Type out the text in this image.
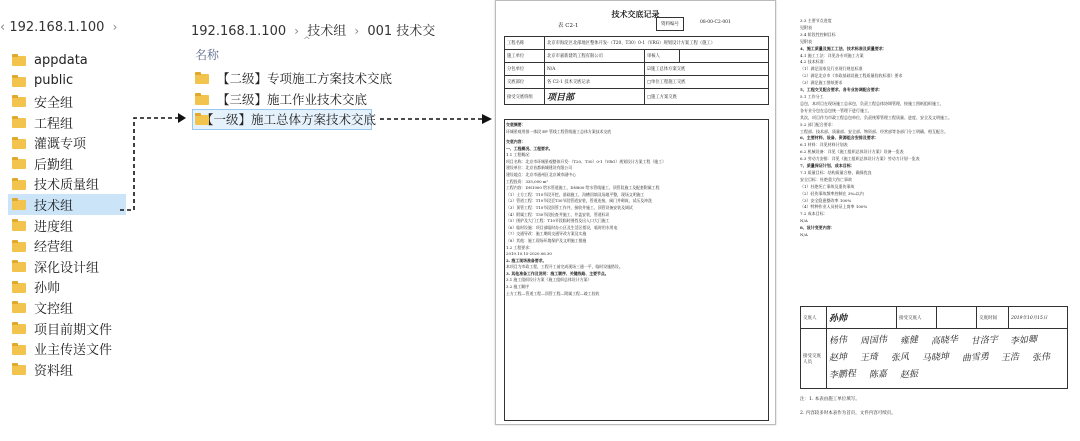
‹ 192.168.1.100 ›
appdata
public
安全组
工程组
灌溉专项
后勤组
技术质量组
技术组
进度组
经营组
深化设计组
孙帅
文控组
项目前期文件
业主传送文件
资料组
192.168.1.100 › 技术组 › 001 技术交
名称
^
【二级】专项施工方案技术交底
【三级】施工作业技术交底
【一级】施工总体方案技术交底
技术交底记录
表 C2-1	资料编号	08-00-C2-001
工程名称	北京市海淀区北部地区整体开发-（T20、T30）0-1（VRG）规划设计方案工程（施工）		
施工单位	北京市嘉新建筑工程有限公司	审核人	
分包单位	N/A	☑施工总体方案交底	
交底部位	各 C2-1 技术交底记录	□单位工程施工交底	
接受交底班组	项目部	□施工方案交底	
交底摘要：
环城景观用排一体段 EP 管线工程管线施工总体方案技术交底
交底内容：
一、工程概况、工程要求。
1.1 工程概况：
项目名称：北京市环城景观整体开发-（T20、T30）0-1（VRG）规划设计方案工程（施工）
建设单位：北京首都新城建设有限公司
建设地点：北京市通州区北京城市副中心
工程投资：335,000 m²
工程内容：DN1000 给水管道施工，DN800 给水管线施工，顶管段施工及配套附属工程
（1）土方工程：T10节段开挖，基础施工，沟槽回填及场地平整，现场文明施工
（2）管道工程：T10节段至T30节段管道安装，管道连接，阀门井砌筑，试压及冲洗
（3）顶管工程：T10节段顶管工作井，接收井施工，顶管设备安装及调试
（4）附属工程：T30节段检查井施工，井盖安装，管道标识
（5）围护及大门工程：T10节段临时围挡及出入口大门施工
（6）临时设施：项目部临时办公区及生活区搭设，临时用水用电
（7）交通导改：施工期间交通导改方案及实施
（8）其他：施工现场环境保护及文明施工措施
1.2 工程要求：
2019.10.15-2020.06.30
2. 施工现场准备要求。
本项目为市政工程，工程开工前完成现场三通一平，临时设施搭设。
3. 其他准备工作及说明：施工顺序、关键线路、主要节点。
3.1 施工组织设计方案《施工组织总体设计方案》
3.2 施工顺序
土方工程—管道工程—顶管工程—附属工程—竣工验收
3.3 主要节点进度
见附表
3.4 阶段性控制目标
见附表
4、施工质量及施工工法、技术标准及质量要求：
4.1 施工工法：详见各专项施工方案
4.2 技术标准：
（1）满足国家及行业现行规范标准
（2）满足北京市《市政基础设施工程质量验收标准》要求
（3）满足施工图纸要求
5、工程交叉配合要求、各专业协调配合要求：
5.1 工作分工
总包，本项目在现场施工总承包，负责工程总体协调管理，按施工图纸组织施工，
各专业分包在总包统一管理下进行施工，
其次，项目作为市政工程总包单位，负责统筹管理工程质量、进度、安全及文明施工。
5.2 部门配合要求：
工程部、技术部、质量部、安全部、物资部、经营部等各部门分工明确、相互配合。
6、主要材料、设备、资源组合安排及要求：
6.1 材料：详见材料计划表
6.2 机械设备：详见《施工组织总体设计方案》设备一览表
6.3 劳动力安排：详见《施工组织总体设计方案》劳动力计划一览表
7、质量保证计划、成本目标：
7.1 质量目标：结构质量合格，确保优良
安全目标：杜绝重大伤亡事故
（1）杜绝死亡事故及重伤事故
（2）轻伤事故频率控制在 3‰以内
（3）安全隐患整改率 100%
（4）特种作业人员持证上岗率 100%
7.2 成本目标：
N/A
8、设计变更内容：
N/A
交底人	孙帅	接受交底人		交底时间	2019年10月15日
接受交底人员	杨伟 周国伟 雍健 高晓华 甘洛宇 李如卿 赵坤 王琦 张风 马晓坤 曲雪勇 王浩 张伟 李鹏程 陈嘉 赵振				
注：1. 本表由施工单位填写。
2. 内容较多时本表作为首页，文件内容可续页。
